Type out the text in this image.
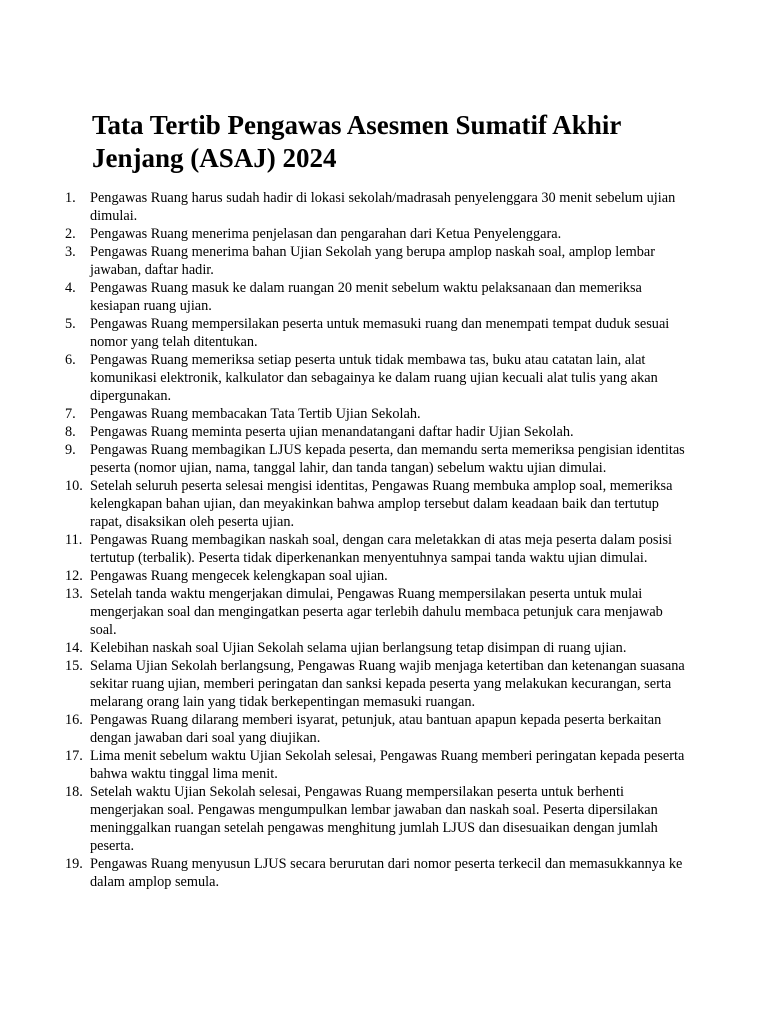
Tata Tertib Pengawas Asesmen Sumatif Akhir Jenjang (ASAJ) 2024
1. Pengawas Ruang harus sudah hadir di lokasi sekolah/madrasah penyelenggara 30 menit sebelum ujian dimulai.
2. Pengawas Ruang menerima penjelasan dan pengarahan dari Ketua Penyelenggara.
3. Pengawas Ruang menerima bahan Ujian Sekolah yang berupa amplop naskah soal, amplop lembar jawaban, daftar hadir.
4. Pengawas Ruang masuk ke dalam ruangan 20 menit sebelum waktu pelaksanaan dan memeriksa kesiapan ruang ujian.
5. Pengawas Ruang mempersilakan peserta untuk memasuki ruang dan menempati tempat duduk sesuai nomor yang telah ditentukan.
6. Pengawas Ruang memeriksa setiap peserta untuk tidak membawa tas, buku atau catatan lain, alat komunikasi elektronik, kalkulator dan sebagainya ke dalam ruang ujian kecuali alat tulis yang akan dipergunakan.
7. Pengawas Ruang membacakan Tata Tertib Ujian Sekolah.
8. Pengawas Ruang meminta peserta ujian menandatangani daftar hadir Ujian Sekolah.
9. Pengawas Ruang membagikan LJUS kepada peserta, dan memandu serta memeriksa pengisian identitas peserta (nomor ujian, nama, tanggal lahir, dan tanda tangan) sebelum waktu ujian dimulai.
10. Setelah seluruh peserta selesai mengisi identitas, Pengawas Ruang membuka amplop soal, memeriksa kelengkapan bahan ujian, dan meyakinkan bahwa amplop tersebut dalam keadaan baik dan tertutup rapat, disaksikan oleh peserta ujian.
11. Pengawas Ruang membagikan naskah soal, dengan cara meletakkan di atas meja peserta dalam posisi tertutup (terbalik). Peserta tidak diperkenankan menyentuhnya sampai tanda waktu ujian dimulai.
12. Pengawas Ruang mengecek kelengkapan soal ujian.
13. Setelah tanda waktu mengerjakan dimulai, Pengawas Ruang mempersilakan peserta untuk mulai mengerjakan soal dan mengingatkan peserta agar terlebih dahulu membaca petunjuk cara menjawab soal.
14. Kelebihan naskah soal Ujian Sekolah selama ujian berlangsung tetap disimpan di ruang ujian.
15. Selama Ujian Sekolah berlangsung, Pengawas Ruang wajib menjaga ketertiban dan ketenangan suasana sekitar ruang ujian, memberi peringatan dan sanksi kepada peserta yang melakukan kecurangan, serta melarang orang lain yang tidak berkepentingan memasuki ruangan.
16. Pengawas Ruang dilarang memberi isyarat, petunjuk, atau bantuan apapun kepada peserta berkaitan dengan jawaban dari soal yang diujikan.
17. Lima menit sebelum waktu Ujian Sekolah selesai, Pengawas Ruang memberi peringatan kepada peserta bahwa waktu tinggal lima menit.
18. Setelah waktu Ujian Sekolah selesai, Pengawas Ruang mempersilakan peserta untuk berhenti mengerjakan soal. Pengawas mengumpulkan lembar jawaban dan naskah soal. Peserta dipersilakan meninggalkan ruangan setelah pengawas menghitung jumlah LJUS dan disesuaikan dengan jumlah peserta.
19. Pengawas Ruang menyusun LJUS secara berurutan dari nomor peserta terkecil dan memasukkannya ke dalam amplop semula.
